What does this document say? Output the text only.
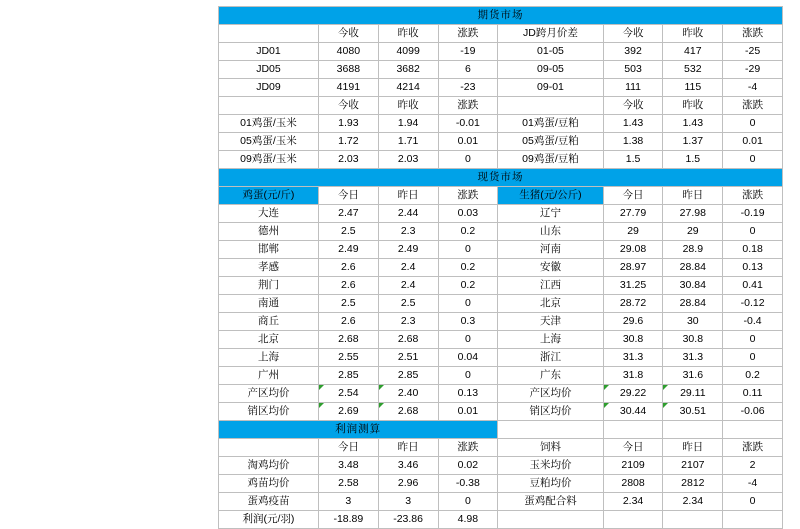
期货市场							
	今收	昨收	涨跌	JD跨月价差	今收	昨收	涨跌
JD01	4080	4099	-19	01-05	392	417	-25
JD05	3688	3682	6	09-05	503	532	-29
JD09	4191	4214	-23	09-01	111	115	-4
	今收	昨收	涨跌		今收	昨收	涨跌
01鸡蛋/玉米	1.93	1.94	-0.01	01鸡蛋/豆粕	1.43	1.43	0
05鸡蛋/玉米	1.72	1.71	0.01	05鸡蛋/豆粕	1.38	1.37	0.01
09鸡蛋/玉米	2.03	2.03	0	09鸡蛋/豆粕	1.5	1.5	0
现货市场							
鸡蛋(元/斤)	今日	昨日	涨跌	生猪(元/公斤)	今日	昨日	涨跌
大连	2.47	2.44	0.03	辽宁	27.79	27.98	-0.19
德州	2.5	2.3	0.2	山东	29	29	0
邯郸	2.49	2.49	0	河南	29.08	28.9	0.18
孝感	2.6	2.4	0.2	安徽	28.97	28.84	0.13
荆门	2.6	2.4	0.2	江西	31.25	30.84	0.41
南通	2.5	2.5	0	北京	28.72	28.84	-0.12
商丘	2.6	2.3	0.3	天津	29.6	30	-0.4
北京	2.68	2.68	0	上海	30.8	30.8	0
上海	2.55	2.51	0.04	浙江	31.3	31.3	0
广州	2.85	2.85	0	广东	31.8	31.6	0.2
产区均价	2.54	2.40	0.13	产区均价	29.22	29.11	0.11
销区均价	2.69	2.68	0.01	销区均价	30.44	30.51	-0.06
利润测算							
	今日	昨日	涨跌	饲料	今日	昨日	涨跌
淘鸡均价	3.48	3.46	0.02	玉米均价	2109	2107	2
鸡苗均价	2.58	2.96	-0.38	豆粕均价	2808	2812	-4
蛋鸡疫苗	3	3	0	蛋鸡配合料	2.34	2.34	0
利润(元/羽)	-18.89	-23.86	4.98				
